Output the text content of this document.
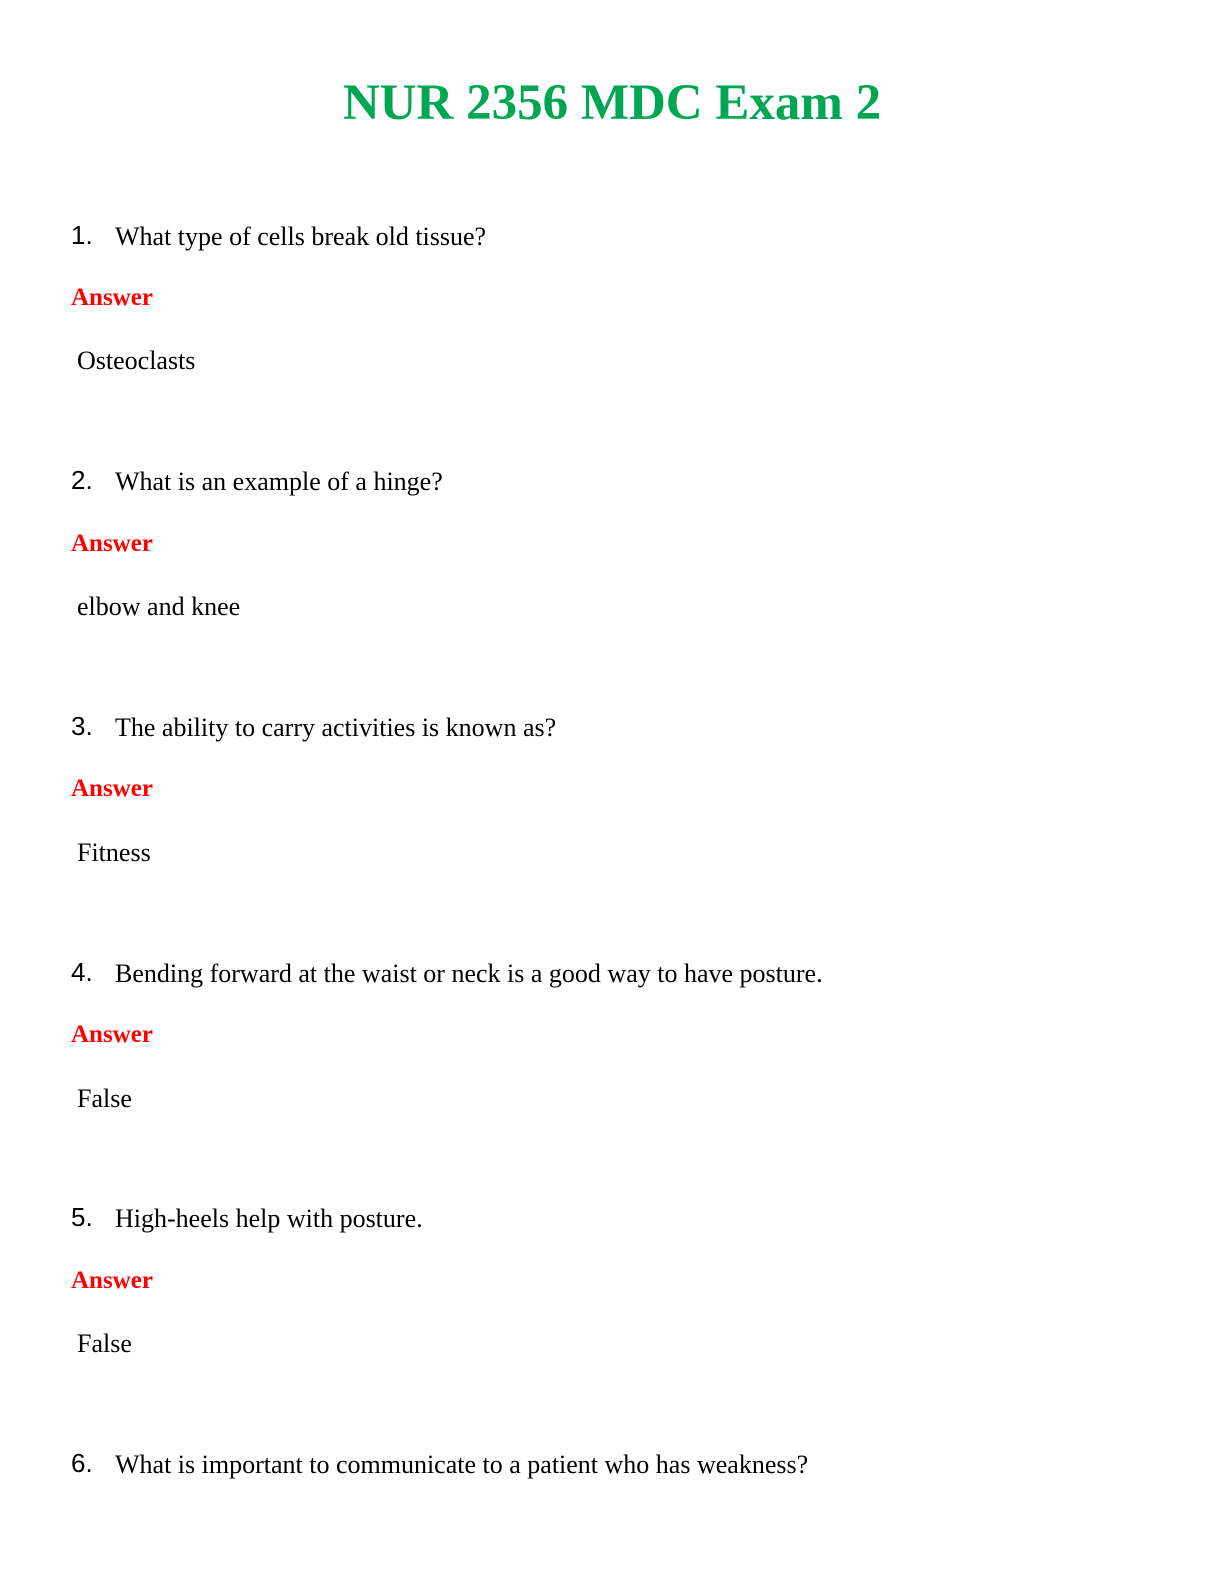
NUR 2356 MDC Exam 2
1. What type of cells break old tissue?
Answer
Osteoclasts
2. What is an example of a hinge?
Answer
elbow and knee
3. The ability to carry activities is known as?
Answer
Fitness
4. Bending forward at the waist or neck is a good way to have posture.
Answer
False
5. High-heels help with posture.
Answer
False
6. What is important to communicate to a patient who has weakness?
